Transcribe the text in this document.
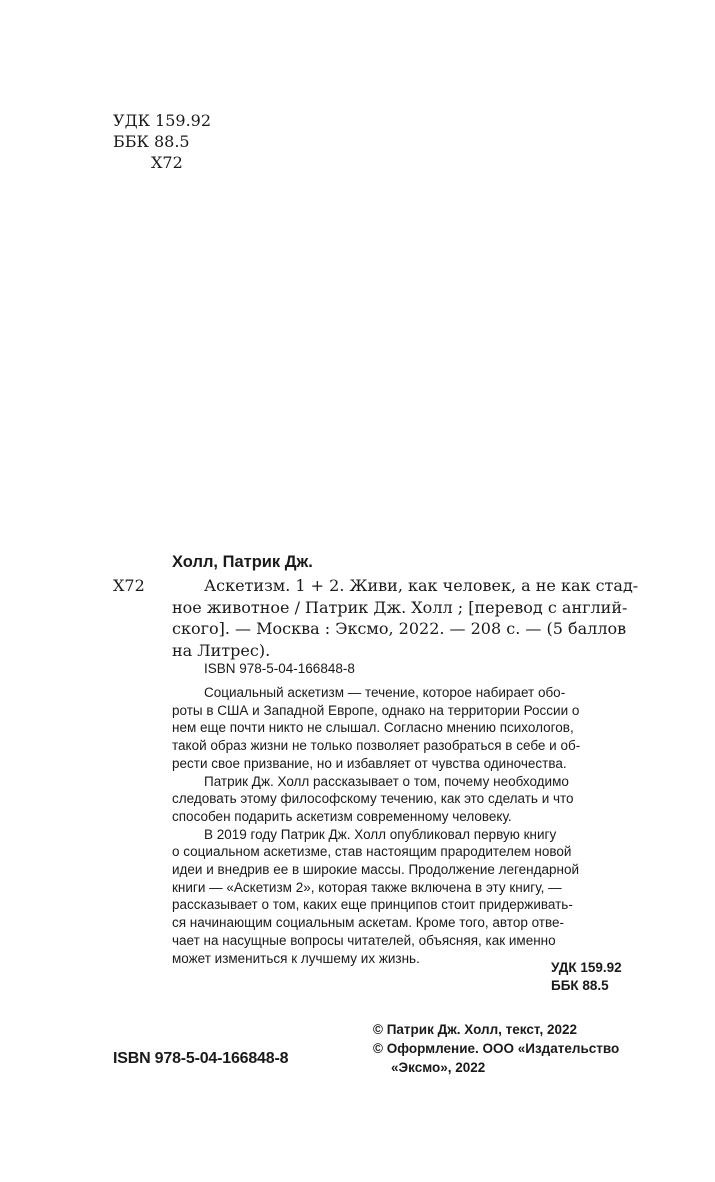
УДК 159.92
ББК 88.5
Х72
Холл, Патрик Дж.
Х72	Аскетизм. 1 + 2. Живи, как человек, а не как стад-
ное животное / Патрик Дж. Холл ; [перевод с англий-
ского]. — Москва : Эксмо, 2022. — 208 с. — (5 баллов
на Литрес).
ISBN 978-5-04-166848-8
Социальный аскетизм — течение, которое набирает обо-
роты в США и Западной Европе, однако на территории России о
нем еще почти никто не слышал. Согласно мнению психологов,
такой образ жизни не только позволяет разобраться в себе и об-
рести свое призвание, но и избавляет от чувства одиночества.
Патрик Дж. Холл рассказывает о том, почему необходимо
следовать этому философскому течению, как это сделать и что
способен подарить аскетизм современному человеку.
В 2019 году Патрик Дж. Холл опубликовал первую книгу
о социальном аскетизме, став настоящим прародителем новой
идеи и внедрив ее в широкие массы. Продолжение легендарной
книги — «Аскетизм 2», которая также включена в эту книгу, —
рассказывает о том, каких еще принципов стоит придерживать-
ся начинающим социальным аскетам. Кроме того, автор отве-
чает на насущные вопросы читателей, объясняя, как именно
может измениться к лучшему их жизнь.
УДК 159.92
ББК 88.5
ISBN 978-5-04-166848-8
© Патрик Дж. Холл, текст, 2022
© Оформление. ООО «Издательство
«Эксмо», 2022
